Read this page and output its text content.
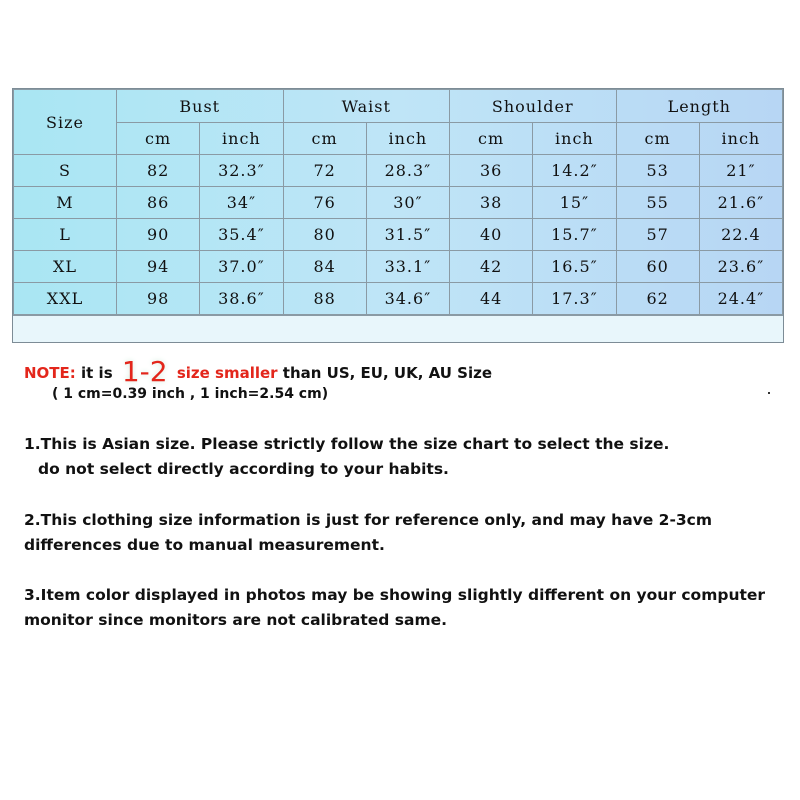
Size	Bust		Waist		Shoulder		Length	
	cm	inch	cm	inch	cm	inch	cm	inch
S	82	32.3″	72	28.3″	36	14.2″	53	21″
M	86	34″	76	30″	38	15″	55	21.6″
L	90	35.4″	80	31.5″	40	15.7″	57	22.4
XL	94	37.0″	84	33.1″	42	16.5″	60	23.6″
XXL	98	38.6″	88	34.6″	44	17.3″	62	24.4″
NOTE: it is 1-2 size smaller than US, EU, UK, AU Size
( 1 cm=0.39 inch , 1 inch=2.54 cm)
1.This is Asian size. Please strictly follow the size chart to select the size.
do not select directly according to your habits.
2.This clothing size information is just for reference only, and may have 2-3cm
differences due to manual measurement.
3.Item color displayed in photos may be showing slightly different on your computer
monitor since monitors are not calibrated same.
